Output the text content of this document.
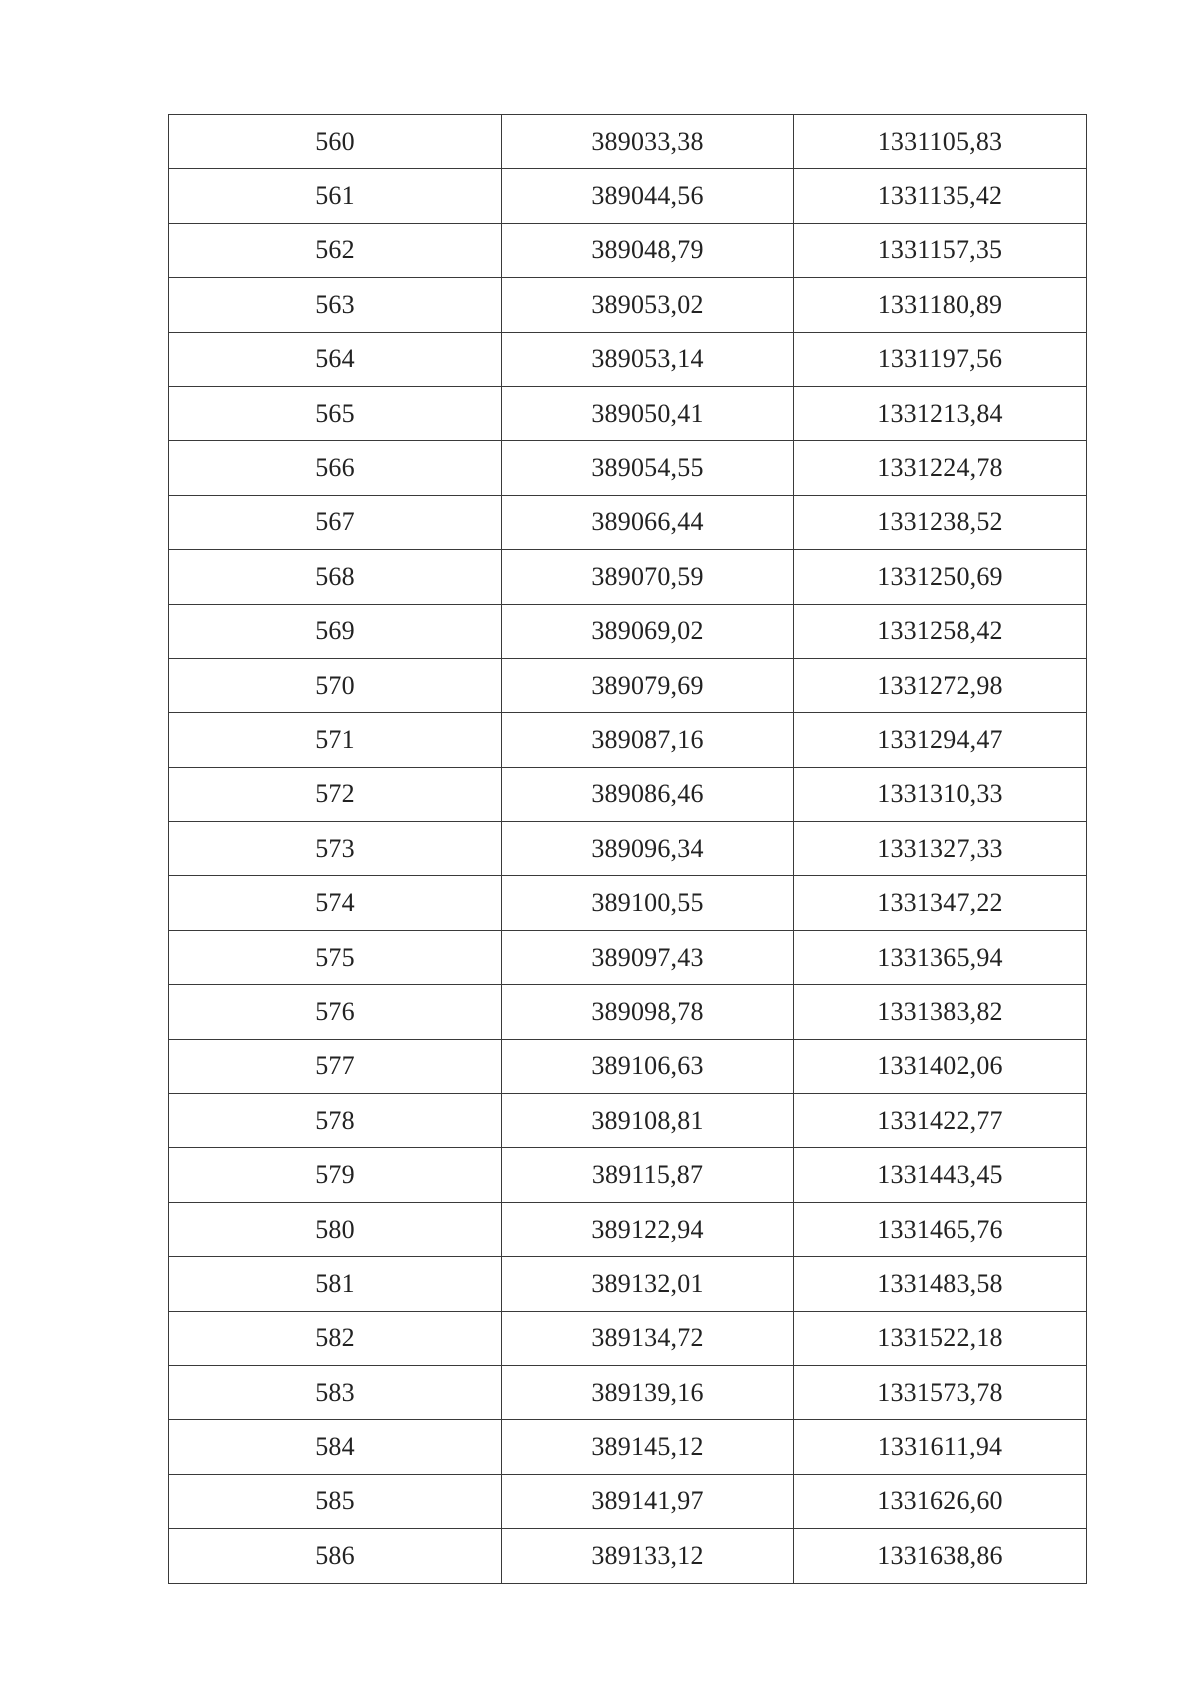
560	389033,38	1331105,83
561	389044,56	1331135,42
562	389048,79	1331157,35
563	389053,02	1331180,89
564	389053,14	1331197,56
565	389050,41	1331213,84
566	389054,55	1331224,78
567	389066,44	1331238,52
568	389070,59	1331250,69
569	389069,02	1331258,42
570	389079,69	1331272,98
571	389087,16	1331294,47
572	389086,46	1331310,33
573	389096,34	1331327,33
574	389100,55	1331347,22
575	389097,43	1331365,94
576	389098,78	1331383,82
577	389106,63	1331402,06
578	389108,81	1331422,77
579	389115,87	1331443,45
580	389122,94	1331465,76
581	389132,01	1331483,58
582	389134,72	1331522,18
583	389139,16	1331573,78
584	389145,12	1331611,94
585	389141,97	1331626,60
586	389133,12	1331638,86
